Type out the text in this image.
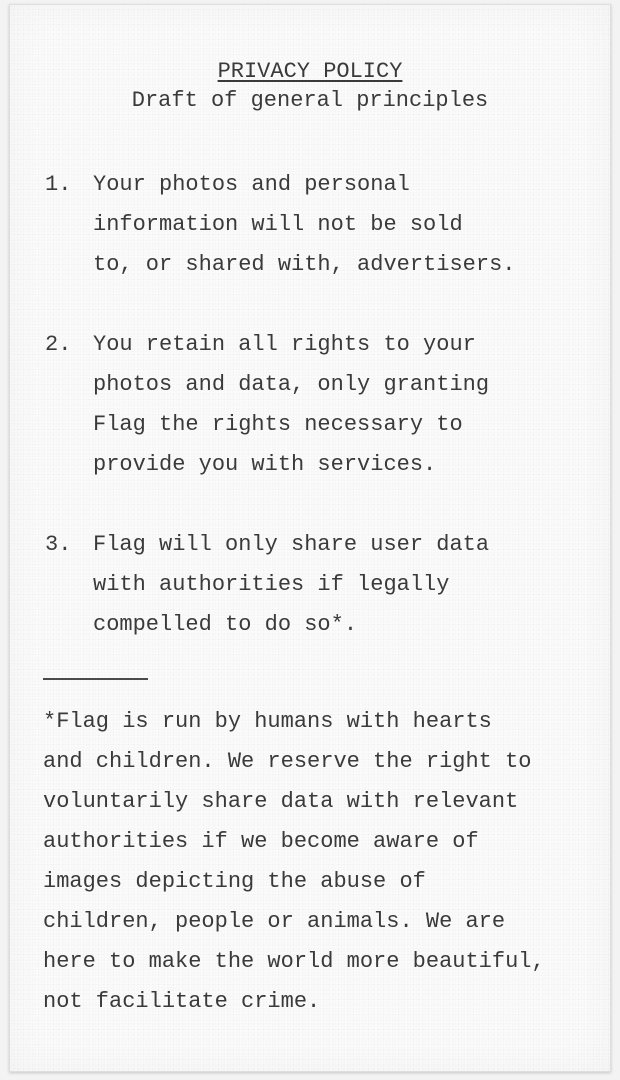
PRIVACY POLICY
Draft of general principles
1. Your photos and personal
information will not be sold
to, or shared with, advertisers.

2. You retain all rights to your
photos and data, only granting
Flag the rights necessary to
provide you with services.

3. Flag will only share user data
with authorities if legally
compelled to do so*.

*Flag is run by humans with hearts
and children. We reserve the right to
voluntarily share data with relevant
authorities if we become aware of
images depicting the abuse of
children, people or animals. We are
here to make the world more beautiful,
not facilitate crime.
